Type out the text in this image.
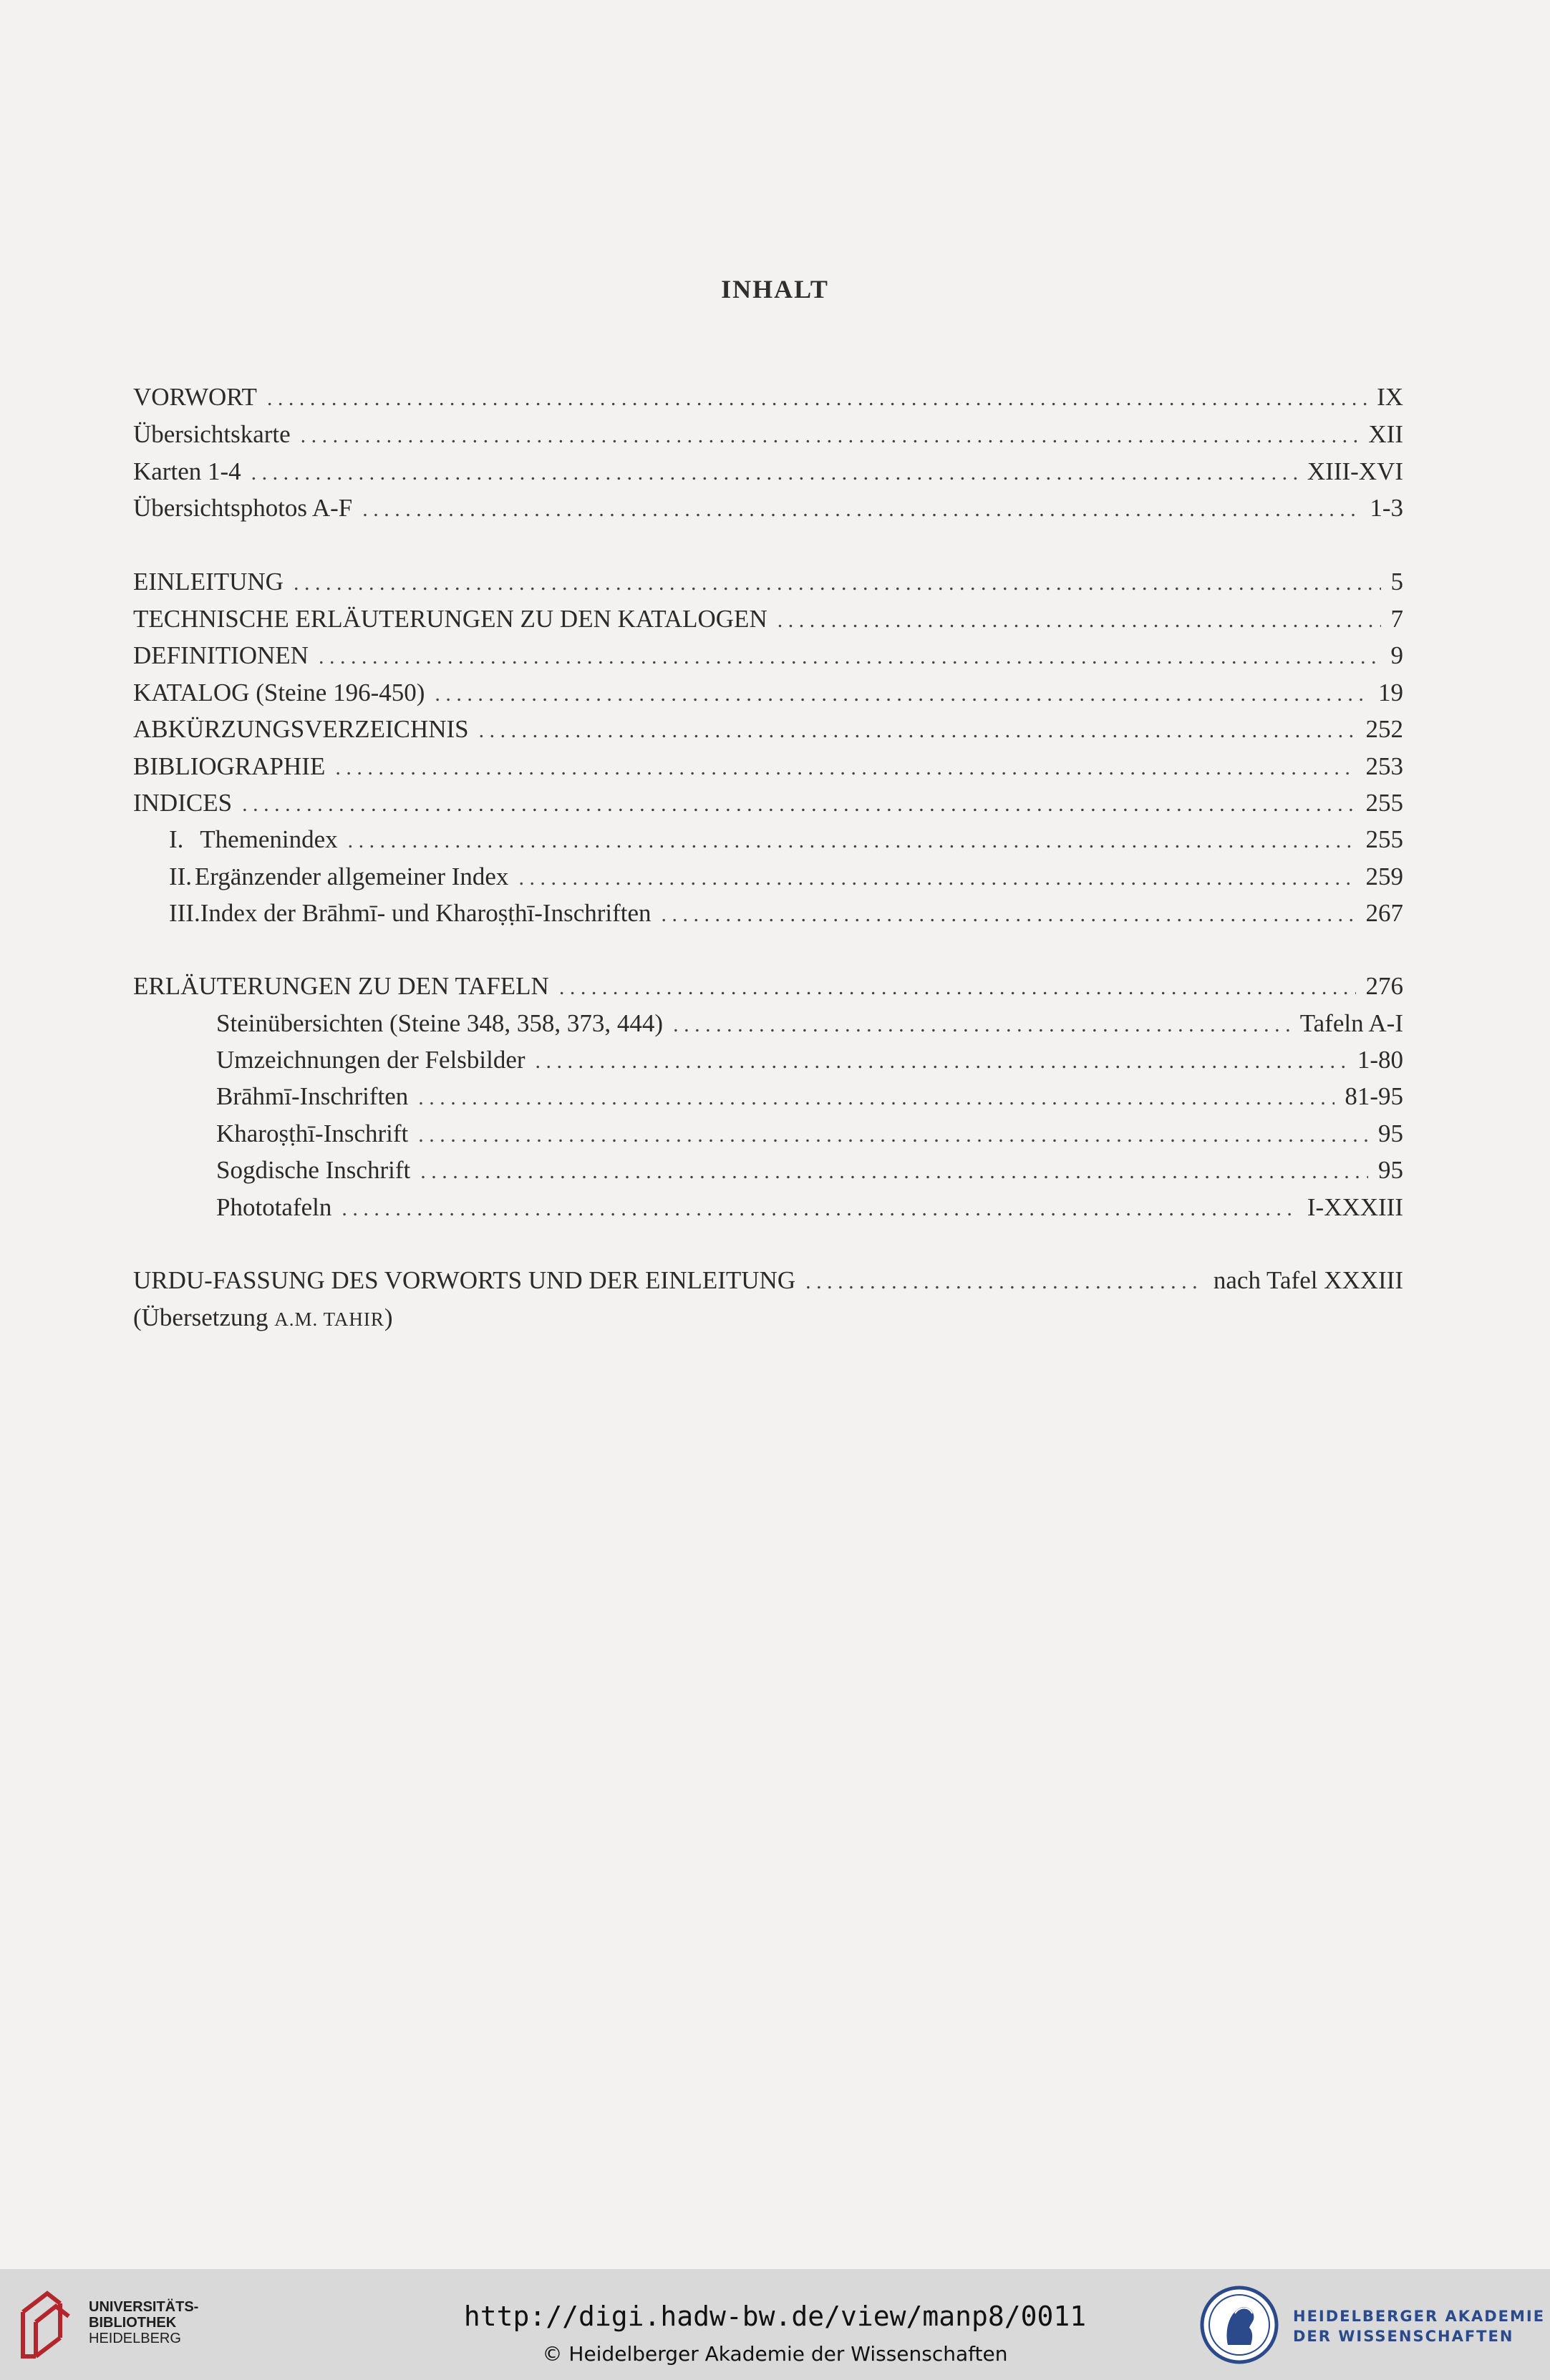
INHALT
VORWORT . . .	IX
Übersichtskarte . . .	XII
Karten 1-4 . . .	XIII-XVI
Übersichtsphotos A-F . . .	1-3
EINLEITUNG . . .	5
TECHNISCHE ERLÄUTERUNGEN ZU DEN KATALOGEN . . .	7
DEFINITIONEN . . .	9
KATALOG (Steine 196-450) . . .	19
ABKÜRZUNGSVERZEICHNIS . . .	252
BIBLIOGRAPHIE . . .	253
INDICES . . .	255
I. Themenindex . . .	255
II. Ergänzender allgemeiner Index . . .	259
III. Index der Brāhmī- und Kharoṣṭhī-Inschriften . . .	267
ERLÄUTERUNGEN ZU DEN TAFELN . . .	276
Steinübersichten (Steine 348, 358, 373, 444) . . .	Tafeln A-I
Umzeichnungen der Felsbilder . . .	1-80
Brāhmī-Inschriften . . .	81-95
Kharoṣṭhī-Inschrift . . .	95
Sogdische Inschrift . . .	95
Phototafeln . . .	I-XXXIII
URDU-FASSUNG DES VORWORTS UND DER EINLEITUNG . . .	nach Tafel XXXIII
(Übersetzung A.M. TAHIR )
UNIVERSITÄTS-
BIBLIOTHEK
HEIDELBERG
http://digi.hadw-bw.de/view/manp8/0011
© Heidelberger Akademie der Wissenschaften
HEIDELBERGER AKADEMIE
DER WISSENSCHAFTEN
